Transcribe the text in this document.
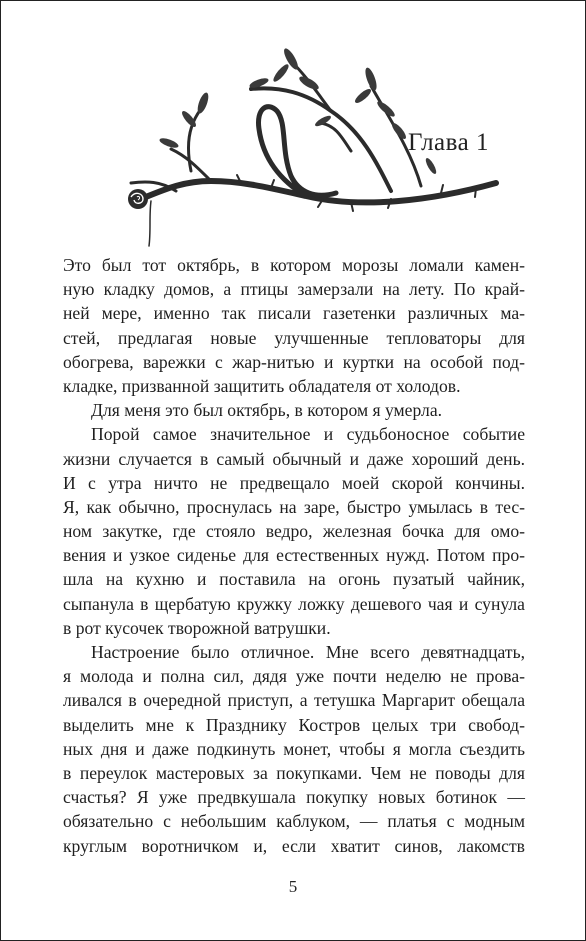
Глава 1
Это был тот октябрь, в котором морозы ломали камен-
ную кладку домов, а птицы замерзали на лету. По край-
ней мере, именно так писали газетенки различных ма-
стей, предлагая новые улучшенные тепловаторы для
обогрева, варежки с жар-нитью и куртки на особой под-
кладке, призванной защитить обладателя от холодов.
Для меня это был октябрь, в котором я умерла.
Порой самое значительное и судьбоносное событие
жизни случается в самый обычный и даже хороший день.
И с утра ничто не предвещало моей скорой кончины.
Я, как обычно, проснулась на заре, быстро умылась в тес-
ном закутке, где стояло ведро, железная бочка для омо-
вения и узкое сиденье для естественных нужд. Потом про-
шла на кухню и поставила на огонь пузатый чайник,
сыпанула в щербатую кружку ложку дешевого чая и сунула
в рот кусочек творожной ватрушки.
Настроение было отличное. Мне всего девятнадцать,
я молода и полна сил, дядя уже почти неделю не прова-
ливался в очередной приступ, а тетушка Маргарит обещала
выделить мне к Празднику Костров целых три свобод-
ных дня и даже подкинуть монет, чтобы я могла съездить
в переулок мастеровых за покупками. Чем не поводы для
счастья? Я уже предвкушала покупку новых ботинок —
обязательно с небольшим каблуком, — платья с модным
круглым воротничком и, если хватит синов, лакомств
5
